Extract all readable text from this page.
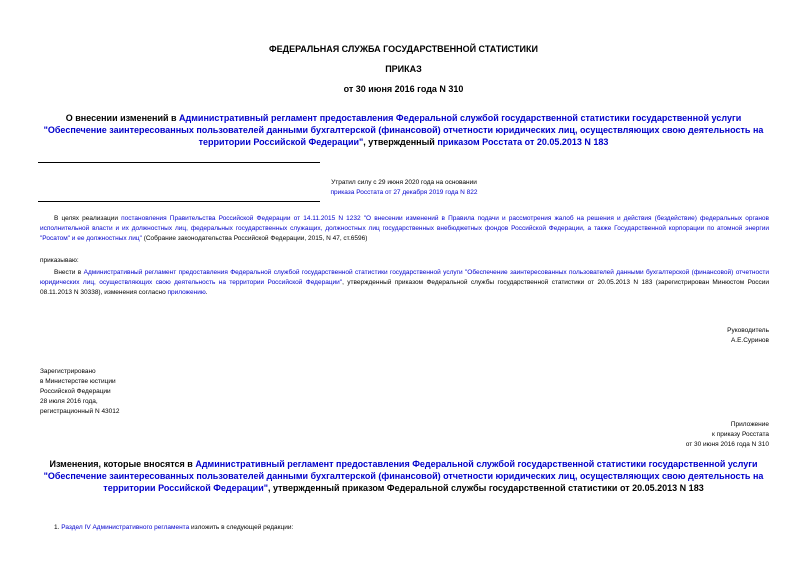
ФЕДЕРАЛЬНАЯ СЛУЖБА ГОСУДАРСТВЕННОЙ СТАТИСТИКИ
ПРИКАЗ
от 30 июня 2016 года N 310
О внесении изменений в Административный регламент предоставления Федеральной службой государственной статистики государственной услуги "Обеспечение заинтересованных пользователей данными бухгалтерской (финансовой) отчетности юридических лиц, осуществляющих свою деятельность на территории Российской Федерации", утвержденный приказом Росстата от 20.05.2013 N 183
Утратил силу с 29 июня 2020 года на основании
приказа Росстата от 27 декабря 2019 года N 822
В целях реализации постановления Правительства Российской Федерации от 14.11.2015 N 1232 "О внесении изменений в Правила подачи и рассмотрения жалоб на решения и действия (бездействие) федеральных органов исполнительной власти и их должностных лиц, федеральных государственных служащих, должностных лиц государственных внебюджетных фондов Российской Федерации, а также Государственной корпорации по атомной энергии "Росатом" и ее должностных лиц" (Собрание законодательства Российской Федерации, 2015, N 47, ст.6596)
приказываю:
Внести в Административный регламент предоставления Федеральной службой государственной статистики государственной услуги "Обеспечение заинтересованных пользователей данными бухгалтерской (финансовой) отчетности юридических лиц, осуществляющих свою деятельность на территории Российской Федерации", утвержденный приказом Федеральной службы государственной статистики от 20.05.2013 N 183 (зарегистрирован Минюстом России 08.11.2013 N 30338), изменения согласно приложению.
Руководитель
А.Е.Суринов
Зарегистрировано
в Министерстве юстиции
Российской Федерации
28 июля 2016 года,
регистрационный N 43012
Приложение
к приказу Росстата
от 30 июня 2016 года N 310
Изменения, которые вносятся в Административный регламент предоставления Федеральной службой государственной статистики государственной услуги "Обеспечение заинтересованных пользователей данными бухгалтерской (финансовой) отчетности юридических лиц, осуществляющих свою деятельность на территории Российской Федерации", утвержденный приказом Федеральной службы государственной статистики от 20.05.2013 N 183
1. Раздел IV Административного регламента изложить в следующей редакции:
